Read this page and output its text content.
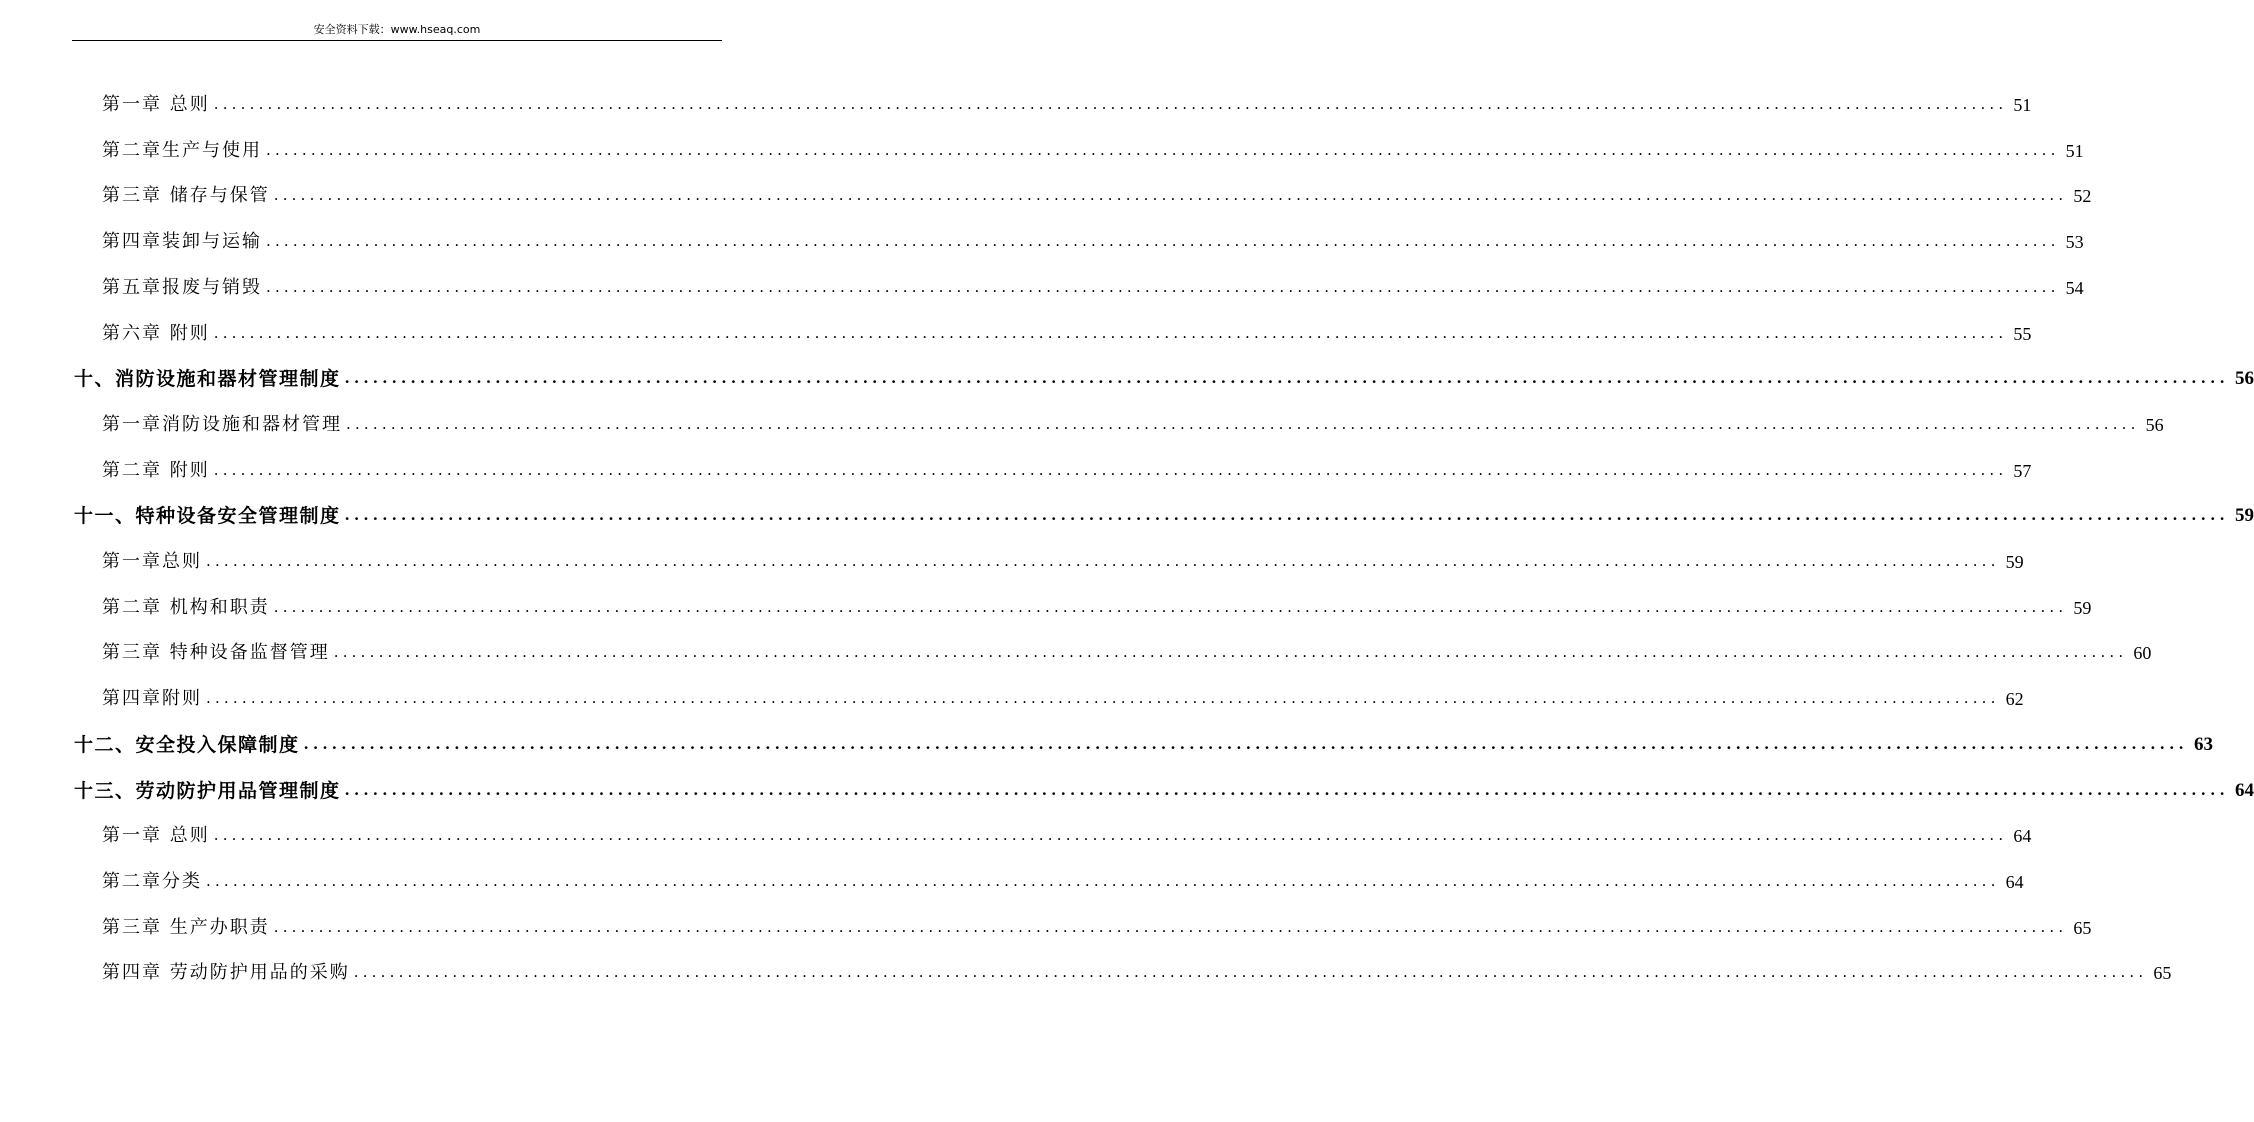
安全资料下载：www.hseaq.com
第一章 总则 ........................................................................................................................................................................................................ 51
第二章生产与使用 ........................................................................................................................................................................................................ 51
第三章 储存与保管 ........................................................................................................................................................................................................ 52
第四章装卸与运输 ........................................................................................................................................................................................................ 53
第五章报废与销毁 ........................................................................................................................................................................................................ 54
第六章 附则 ........................................................................................................................................................................................................ 55
十、消防设施和器材管理制度 ........................................................................................................................................................................................................ 56
第一章消防设施和器材管理 ........................................................................................................................................................................................................ 56
第二章 附则 ........................................................................................................................................................................................................ 57
十一、特种设备安全管理制度 ........................................................................................................................................................................................................ 59
第一章总则 ........................................................................................................................................................................................................ 59
第二章 机构和职责 ........................................................................................................................................................................................................ 59
第三章 特种设备监督管理 ........................................................................................................................................................................................................ 60
第四章附则 ........................................................................................................................................................................................................ 62
十二、安全投入保障制度 ........................................................................................................................................................................................................ 63
十三、劳动防护用品管理制度 ........................................................................................................................................................................................................ 64
第一章 总则 ........................................................................................................................................................................................................ 64
第二章分类 ........................................................................................................................................................................................................ 64
第三章 生产办职责 ........................................................................................................................................................................................................ 65
第四章 劳动防护用品的采购 ........................................................................................................................................................................................................ 65
